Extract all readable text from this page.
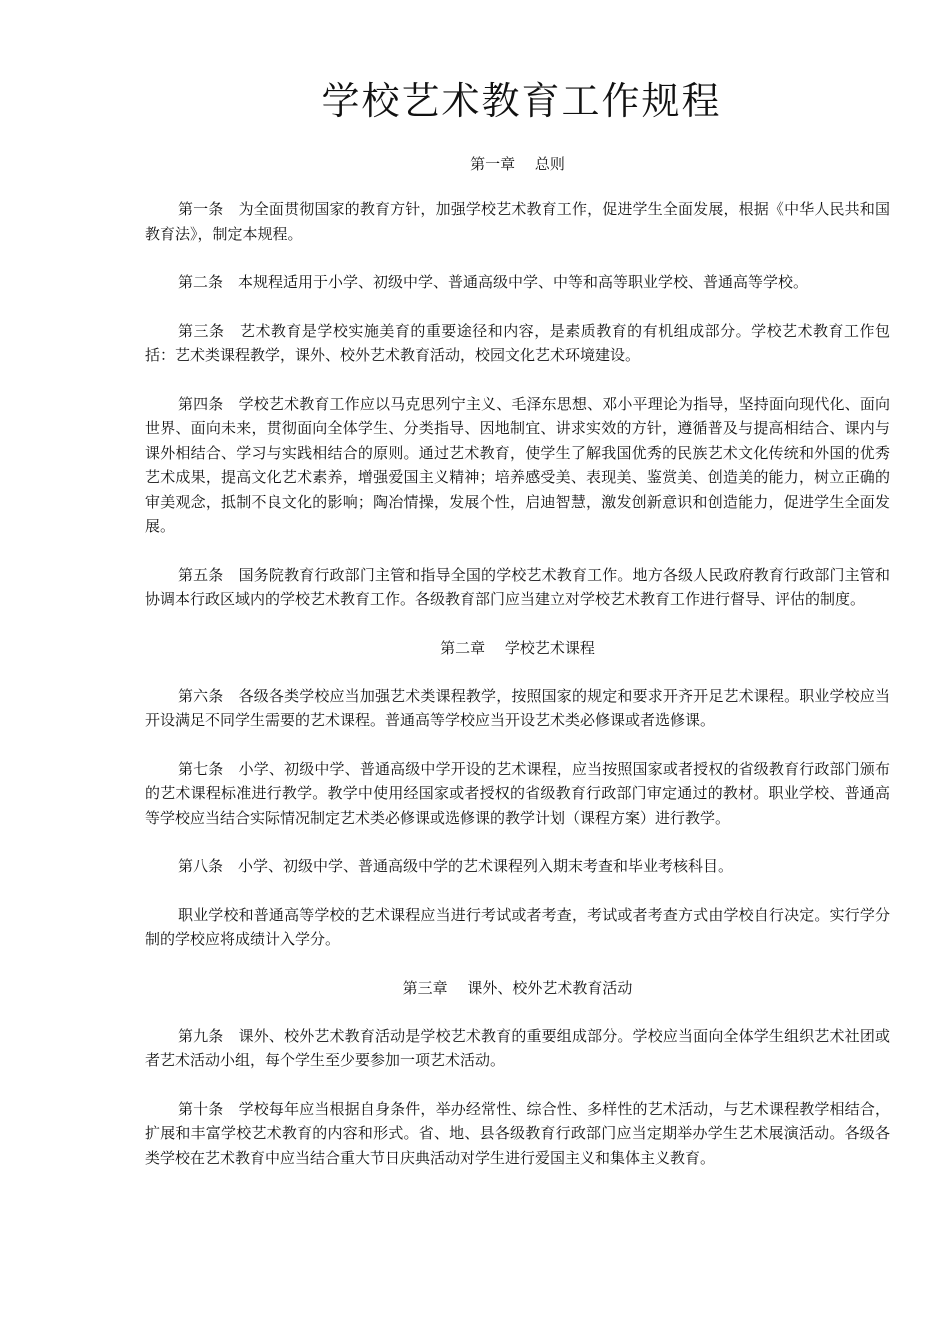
学校艺术教育工作规程

第一章　 总则

第一条　为全面贯彻国家的教育方针，加强学校艺术教育工作，促进学生全面发展，根据《中华人民共和国教育法》，制定本规程。

第二条　本规程适用于小学、初级中学、普通高级中学、中等和高等职业学校、普通高等学校。

第三条　艺术教育是学校实施美育的重要途径和内容，是素质教育的有机组成部分。学校艺术教育工作包括：艺术类课程教学，课外、校外艺术教育活动，校园文化艺术环境建设。

第四条　学校艺术教育工作应以马克思列宁主义、毛泽东思想、邓小平理论为指导，坚持面向现代化、面向世界、面向未来，贯彻面向全体学生、分类指导、因地制宜、讲求实效的方针，遵循普及与提高相结合、课内与课外相结合、学习与实践相结合的原则。通过艺术教育，使学生了解我国优秀的民族艺术文化传统和外国的优秀艺术成果，提高文化艺术素养，增强爱国主义精神；培养感受美、表现美、鉴赏美、创造美的能力，树立正确的审美观念，抵制不良文化的影响；陶冶情操，发展个性，启迪智慧，激发创新意识和创造能力，促进学生全面发展。

第五条　国务院教育行政部门主管和指导全国的学校艺术教育工作。地方各级人民政府教育行政部门主管和协调本行政区域内的学校艺术教育工作。各级教育部门应当建立对学校艺术教育工作进行督导、评估的制度。

第二章　 学校艺术课程

第六条　各级各类学校应当加强艺术类课程教学，按照国家的规定和要求开齐开足艺术课程。职业学校应当开设满足不同学生需要的艺术课程。普通高等学校应当开设艺术类必修课或者选修课。

第七条　小学、初级中学、普通高级中学开设的艺术课程，应当按照国家或者授权的省级教育行政部门颁布的艺术课程标准进行教学。教学中使用经国家或者授权的省级教育行政部门审定通过的教材。职业学校、普通高等学校应当结合实际情况制定艺术类必修课或选修课的教学计划（课程方案）进行教学。

第八条　小学、初级中学、普通高级中学的艺术课程列入期末考查和毕业考核科目。

职业学校和普通高等学校的艺术课程应当进行考试或者考查，考试或者考查方式由学校自行决定。实行学分制的学校应将成绩计入学分。

第三章　 课外、校外艺术教育活动

第九条　课外、校外艺术教育活动是学校艺术教育的重要组成部分。学校应当面向全体学生组织艺术社团或者艺术活动小组，每个学生至少要参加一项艺术活动。

第十条　学校每年应当根据自身条件，举办经常性、综合性、多样性的艺术活动，与艺术课程教学相结合，扩展和丰富学校艺术教育的内容和形式。省、地、县各级教育行政部门应当定期举办学生艺术展演活动。各级各类学校在艺术教育中应当结合重大节日庆典活动对学生进行爱国主义和集体主义教育。
